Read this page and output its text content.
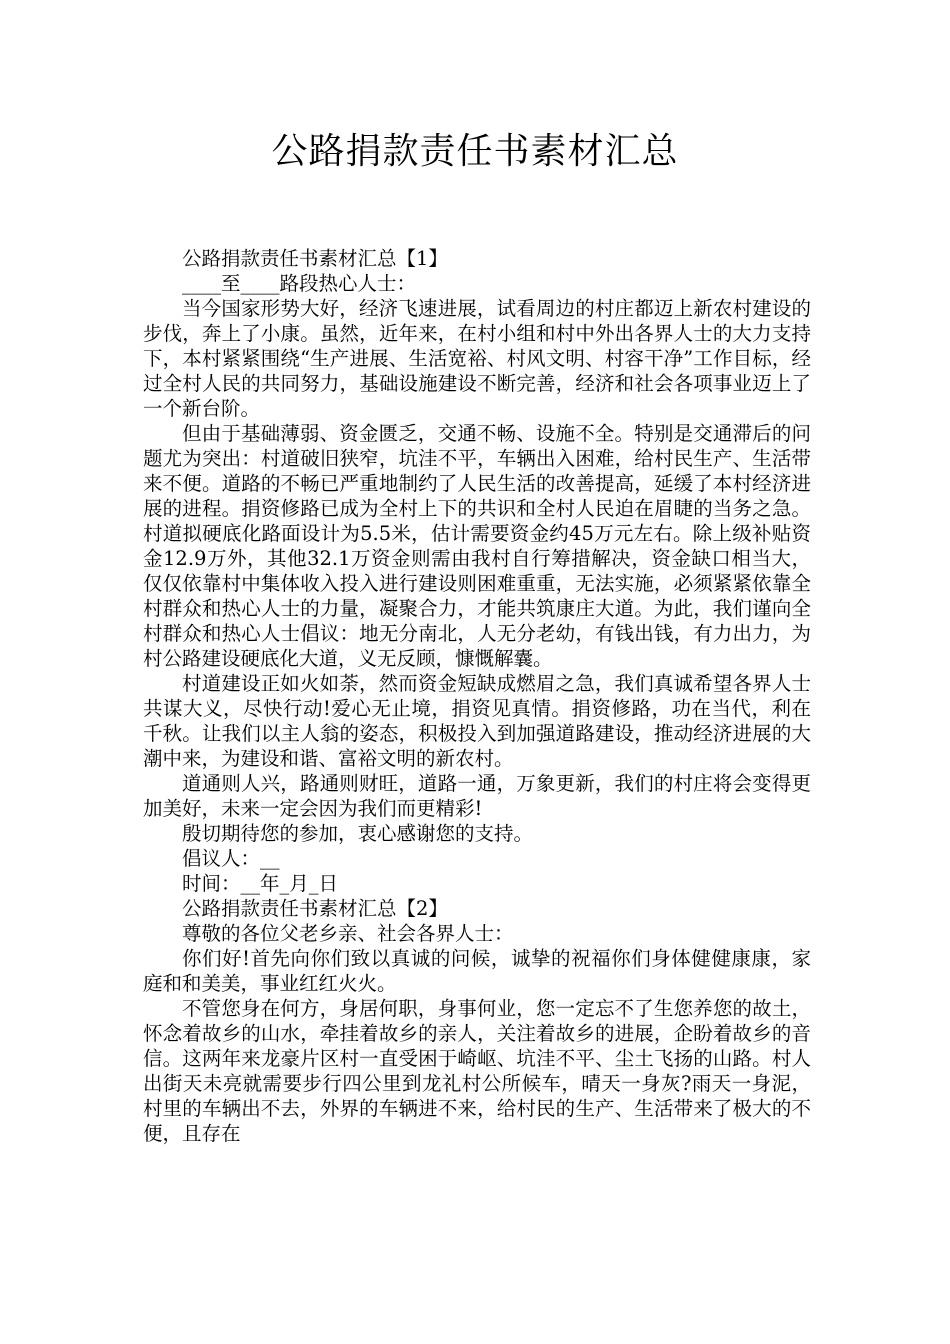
公路捐款责任书素材汇总

公路捐款责任书素材汇总【1】

____至____路段热心人士：

当今国家形势大好，经济飞速进展，试看周边的村庄都迈上新农村建设的步伐，奔上了小康。虽然，近年来，在村小组和村中外出各界人士的大力支持下，本村紧紧围绕“生产进展、生活宽裕、村风文明、村容干净”工作目标，经过全村人民的共同努力，基础设施建设不断完善，经济和社会各项事业迈上了一个新台阶。

但由于基础薄弱、资金匮乏，交通不畅、设施不全。特别是交通滞后的问题尤为突出：村道破旧狭窄，坑洼不平，车辆出入困难，给村民生产、生活带来不便。道路的不畅已严重地制约了人民生活的改善提高，延缓了本村经济进展的进程。捐资修路已成为全村上下的共识和全村人民迫在眉睫的当务之急。村道拟硬底化路面设计为5.5米，估计需要资金约45万元左右。除上级补贴资金12.9万外，其他32.1万资金则需由我村自行筹措解决，资金缺口相当大，仅仅依靠村中集体收入投入进行建设则困难重重，无法实施，必须紧紧依靠全村群众和热心人士的力量，凝聚合力，才能共筑康庄大道。为此，我们谨向全村群众和热心人士倡议：地无分南北，人无分老幼，有钱出钱，有力出力，为村公路建设硬底化大道，义无反顾，慷慨解囊。

村道建设正如火如荼，然而资金短缺成燃眉之急，我们真诚希望各界人士共谋大义，尽快行动!爱心无止境，捐资见真情。捐资修路，功在当代，利在千秋。让我们以主人翁的姿态，积极投入到加强道路建设，推动经济进展的大潮中来，为建设和谐、富裕文明的新农村。

道通则人兴，路通则财旺，道路一通，万象更新，我们的村庄将会变得更加美好，未来一定会因为我们而更精彩!

殷切期待您的参加，衷心感谢您的支持。

倡议人：__

时间：__年_月_日

公路捐款责任书素材汇总【2】

尊敬的各位父老乡亲、社会各界人士：

你们好!首先向你们致以真诚的问候，诚挚的祝福你们身体健健康康，家庭和和美美，事业红红火火。

不管您身在何方，身居何职，身事何业，您一定忘不了生您养您的故土，怀念着故乡的山水，牵挂着故乡的亲人，关注着故乡的进展，企盼着故乡的音信。这两年来龙豪片区村一直受困于崎岖、坑洼不平、尘土飞扬的山路。村人出街天未亮就需要步行四公里到龙礼村公所候车，晴天一身灰?雨天一身泥，村里的车辆出不去，外界的车辆进不来，给村民的生产、生活带来了极大的不便，且存在
